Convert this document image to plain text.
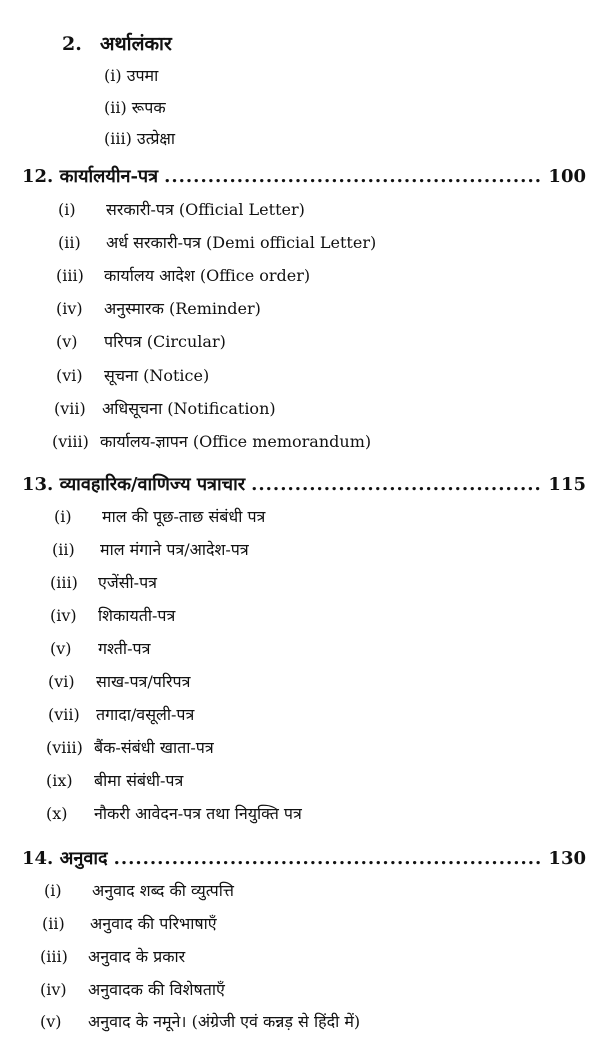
2. अर्थालंकार
(i) उपमा
(ii) रूपक
(iii) उत्प्रेक्षा
12. कार्यालयीन-पत्र .....	100
(i)	सरकारी-पत्र (Official Letter)
(ii)	अर्ध सरकारी-पत्र (Demi official Letter)
(iii)	कार्यालय आदेश (Office order)
(iv)	अनुस्मारक (Reminder)
(v)	परिपत्र (Circular)
(vi)	सूचना (Notice)
(vii)	अधिसूचना (Notification)
(viii) कार्यालय-ज्ञापन (Office memorandum)
13. व्यावहारिक/वाणिज्य पत्राचार .....	115
(i)	माल की पूछ-ताछ संबंधी पत्र
(ii)	माल मंगाने पत्र/आदेश-पत्र
(iii)	एजेंसी-पत्र
(iv)	शिकायती-पत्र
(v)	गश्ती-पत्र
(vi)	साख-पत्र/परिपत्र
(vii)	तगादा/वसूली-पत्र
(viii) बैंक-संबंधी खाता-पत्र
(ix)	बीमा संबंधी-पत्र
(x)	नौकरी आवेदन-पत्र तथा नियुक्ति पत्र
14. अनुवाद .....	130
(i)	अनुवाद शब्द की व्युत्पत्ति
(ii)	अनुवाद की परिभाषाएँ
(iii)	अनुवाद के प्रकार
(iv)	अनुवादक की विशेषताएँ
(v)	अनुवाद के नमूने। (अंग्रेजी एवं कन्नड़ से हिंदी में)
